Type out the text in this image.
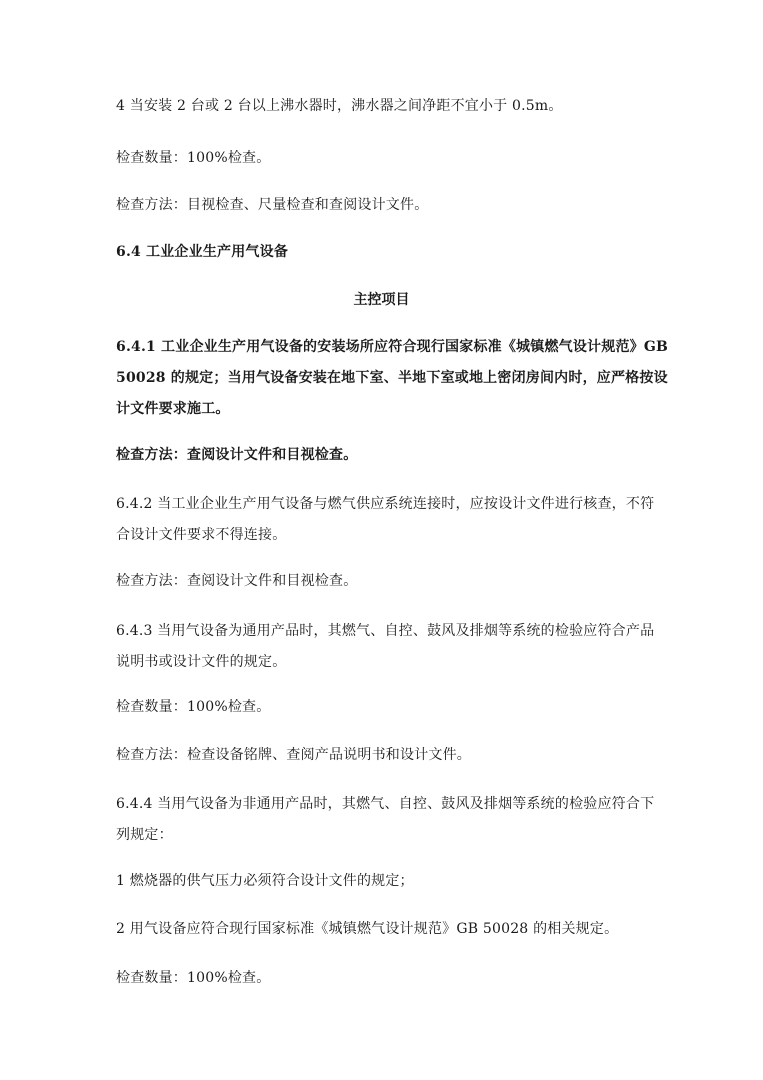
4 当安装 2 台或 2 台以上沸水器时，沸水器之间净距不宜小于 0.5m。

检查数量：100%检查。

检查方法：目视检查、尺量检查和查阅设计文件。

6.4 工业企业生产用气设备

主控项目

6.4.1 工业企业生产用气设备的安装场所应符合现行国家标准《城镇燃气设计规范》GB
50028 的规定；当用气设备安装在地下室、半地下室或地上密闭房间内时，应严格按设
计文件要求施工。

检查方法：查阅设计文件和目视检查。

6.4.2 当工业企业生产用气设备与燃气供应系统连接时，应按设计文件进行核查，不符
合设计文件要求不得连接。

检查方法：查阅设计文件和目视检查。

6.4.3 当用气设备为通用产品时，其燃气、自控、鼓风及排烟等系统的检验应符合产品
说明书或设计文件的规定。

检查数量：100%检查。

检查方法：检查设备铭牌、查阅产品说明书和设计文件。

6.4.4 当用气设备为非通用产品时，其燃气、自控、鼓风及排烟等系统的检验应符合下
列规定：

1 燃烧器的供气压力必须符合设计文件的规定；

2 用气设备应符合现行国家标准《城镇燃气设计规范》GB 50028 的相关规定。

检查数量：100%检查。
